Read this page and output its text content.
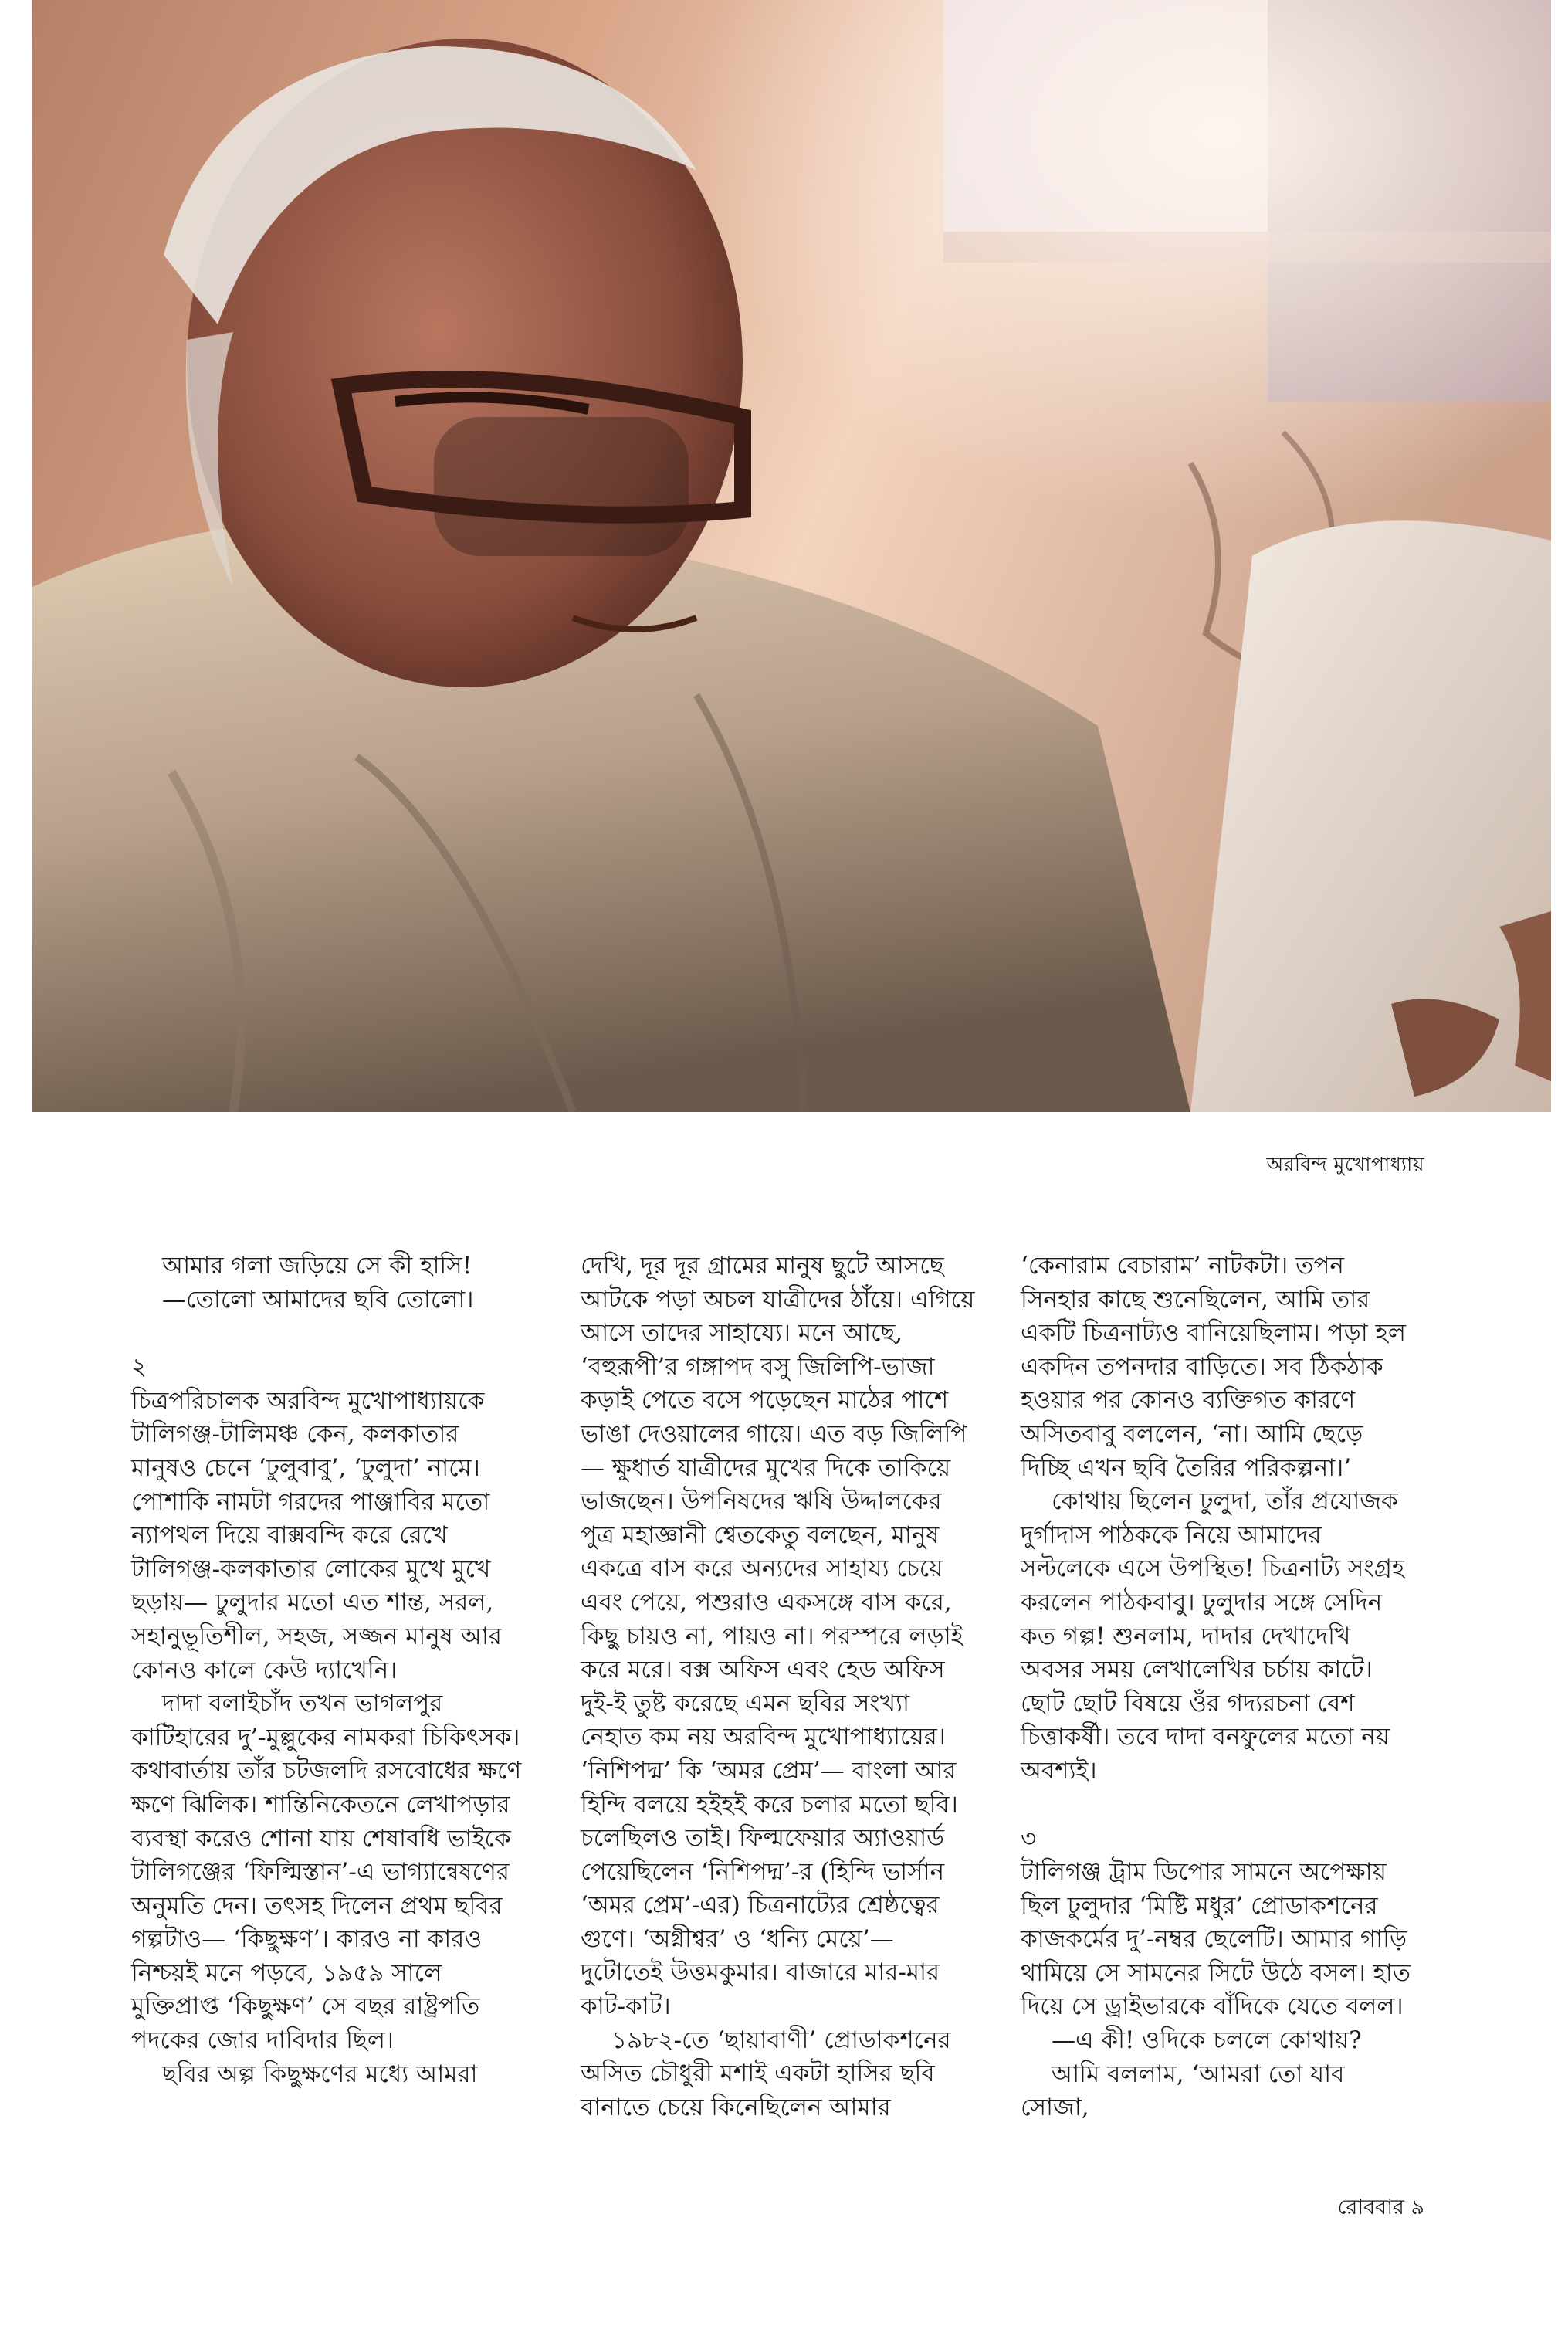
অরবিন্দ মুখোপাধ্যায়

আমার গলা জড়িয়ে সে কী হাসি!

—তোলো আমাদের ছবি তোলো।

২

চিত্রপরিচালক অরবিন্দ মুখোপাধ্যায়কে টালিগঞ্জ-টালিমঞ্চ কেন, কলকাতার মানুষও চেনে ‘ঢুলুবাবু’, ‘ঢুলুদা’ নামে। পোশাকি নামটা গরদের পাঞ্জাবির মতো ন্যাপথল দিয়ে বাক্সবন্দি করে রেখে টালিগঞ্জ-কলকাতার লোকের মুখে মুখে ছড়ায়— ঢুলুদার মতো এত শান্ত, সরল, সহানুভূতিশীল, সহজ, সজ্জন মানুষ আর কোনও কালে কেউ দ্যাখেনি।

দাদা বলাইচাঁদ তখন ভাগলপুর কাটিহারের দু’-মুল্লুকের নামকরা চিকিৎসক। কথাবার্তায় তাঁর চটজলদি রসবোধের ক্ষণে ক্ষণে ঝিলিক। শান্তিনিকেতনে লেখাপড়ার ব্যবস্থা করেও শোনা যায় শেষাবধি ভাইকে টালিগঞ্জের ‘ফিল্মিস্তান’-এ ভাগ্যান্বেষণের অনুমতি দেন। তৎসহ দিলেন প্রথম ছবির গল্পটাও— ‘কিছুক্ষণ’। কারও না কারও নিশ্চয়ই মনে পড়বে, ১৯৫৯ সালে মুক্তিপ্রাপ্ত ‘কিছুক্ষণ’ সে বছর রাষ্ট্রপতি পদকের জোর দাবিদার ছিল।

ছবির অল্প কিছুক্ষণের মধ্যে আমরা

দেখি, দূর দূর গ্রামের মানুষ ছুটে আসছে আটকে পড়া অচল যাত্রীদের ঠাঁয়ে। এগিয়ে আসে তাদের সাহায্যে। মনে আছে, ‘বহুরূপী’র গঙ্গাপদ বসু জিলিপি-ভাজা কড়াই পেতে বসে পড়েছেন মাঠের পাশে ভাঙা দেওয়ালের গায়ে। এত বড় জিলিপি— ক্ষুধার্ত যাত্রীদের মুখের দিকে তাকিয়ে ভাজছেন। উপনিষদের ঋষি উদ্দালকের পুত্র মহাজ্ঞানী শ্বেতকেতু বলছেন, মানুষ একত্রে বাস করে অন্যদের সাহায্য চেয়ে এবং পেয়ে, পশুরাও একসঙ্গে বাস করে, কিছু চায়ও না, পায়ও না। পরস্পরে লড়াই করে মরে। বক্স অফিস এবং হেড অফিস দুই-ই তুষ্ট করেছে এমন ছবির সংখ্যা নেহাত কম নয় অরবিন্দ মুখোপাধ্যায়ের। ‘নিশিপদ্ম’ কি ‘অমর প্রেম’— বাংলা আর হিন্দি বলয়ে হইহই করে চলার মতো ছবি। চলেছিলও তাই। ফিল্মফেয়ার অ্যাওয়ার্ড পেয়েছিলেন ‘নিশিপদ্ম’-র (হিন্দি ভার্সান ‘অমর প্রেম’-এর) চিত্রনাট্যের শ্রেষ্ঠত্বের গুণে। ‘অগ্নীশ্বর’ ও ‘ধন্যি মেয়ে’— দুটোতেই উত্তমকুমার। বাজারে মার-মার কাট-কাট।

১৯৮২-তে ‘ছায়াবাণী’ প্রোডাকশনের অসিত চৌধুরী মশাই একটা হাসির ছবি বানাতে চেয়ে কিনেছিলেন আমার

‘কেনারাম বেচারাম’ নাটকটা। তপন সিনহার কাছে শুনেছিলেন, আমি তার একটি চিত্রনাট্যও বানিয়েছিলাম। পড়া হল একদিন তপনদার বাড়িতে। সব ঠিকঠাক হওয়ার পর কোনও ব্যক্তিগত কারণে অসিতবাবু বললেন, ‘না। আমি ছেড়ে দিচ্ছি এখন ছবি তৈরির পরিকল্পনা।’

কোথায় ছিলেন ঢুলুদা, তাঁর প্রযোজক দুর্গাদাস পাঠককে নিয়ে আমাদের সল্টলেকে এসে উপস্থিত! চিত্রনাট্য সংগ্রহ করলেন পাঠকবাবু। ঢুলুদার সঙ্গে সেদিন কত গল্প! শুনলাম, দাদার দেখাদেখি অবসর সময় লেখালেখির চর্চায় কাটে। ছোট ছোট বিষয়ে ওঁর গদ্যরচনা বেশ চিত্তাকর্ষী। তবে দাদা বনফুলের মতো নয় অবশ্যই।

৩

টালিগঞ্জ ট্রাম ডিপোর সামনে অপেক্ষায় ছিল ঢুলুদার ‘মিষ্টি মধুর’ প্রোডাকশনের কাজকর্মের দু’-নম্বর ছেলেটি। আমার গাড়ি থামিয়ে সে সামনের সিটে উঠে বসল। হাত দিয়ে সে ড্রাইভারকে বাঁদিকে যেতে বলল।

—এ কী! ওদিকে চললে কোথায়?

আমি বললাম, ‘আমরা তো যাব সোজা,

রোববার ৯
